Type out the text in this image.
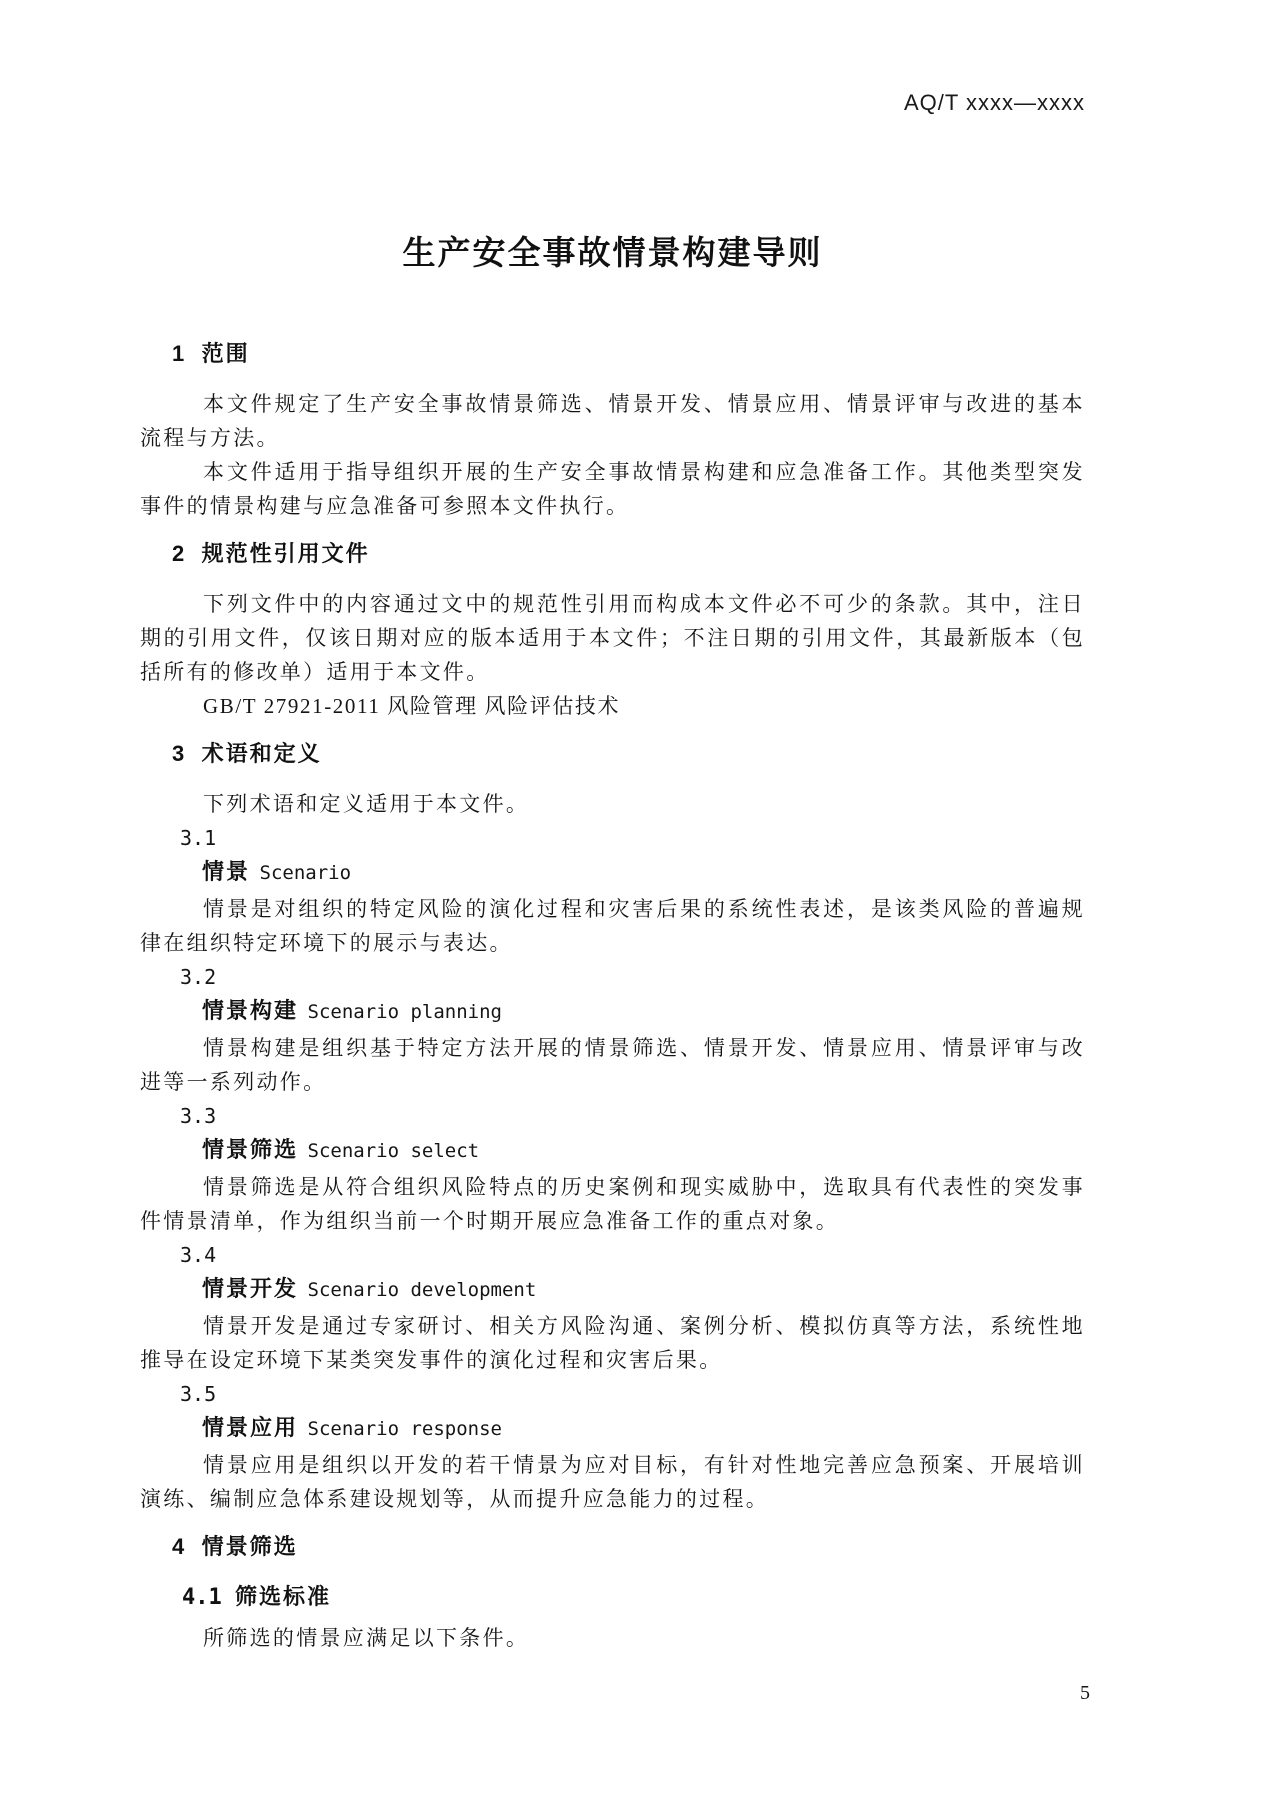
AQ/T xxxx—xxxx
生产安全事故情景构建导则
1 范围

本文件规定了生产安全事故情景筛选、情景开发、情景应用、情景评审与改进的基本流程与方法。

本文件适用于指导组织开展的生产安全事故情景构建和应急准备工作。其他类型突发事件的情景构建与应急准备可参照本文件执行。

2 规范性引用文件

下列文件中的内容通过文中的规范性引用而构成本文件必不可少的条款。其中，注日期的引用文件，仅该日期对应的版本适用于本文件；不注日期的引用文件，其最新版本（包括所有的修改单）适用于本文件。

GB/T 27921-2011 风险管理 风险评估技术

3 术语和定义

下列术语和定义适用于本文件。

3.1
情景 Scenario

情景是对组织的特定风险的演化过程和灾害后果的系统性表述，是该类风险的普遍规律在组织特定环境下的展示与表达。

3.2
情景构建 Scenario planning

情景构建是组织基于特定方法开展的情景筛选、情景开发、情景应用、情景评审与改进等一系列动作。

3.3
情景筛选 Scenario select

情景筛选是从符合组织风险特点的历史案例和现实威胁中，选取具有代表性的突发事件情景清单，作为组织当前一个时期开展应急准备工作的重点对象。

3.4
情景开发 Scenario development

情景开发是通过专家研讨、相关方风险沟通、案例分析、模拟仿真等方法，系统性地推导在设定环境下某类突发事件的演化过程和灾害后果。

3.5
情景应用 Scenario response

情景应用是组织以开发的若干情景为应对目标，有针对性地完善应急预案、开展培训演练、编制应急体系建设规划等，从而提升应急能力的过程。

4 情景筛选
4.1 筛选标准

所筛选的情景应满足以下条件。

5
